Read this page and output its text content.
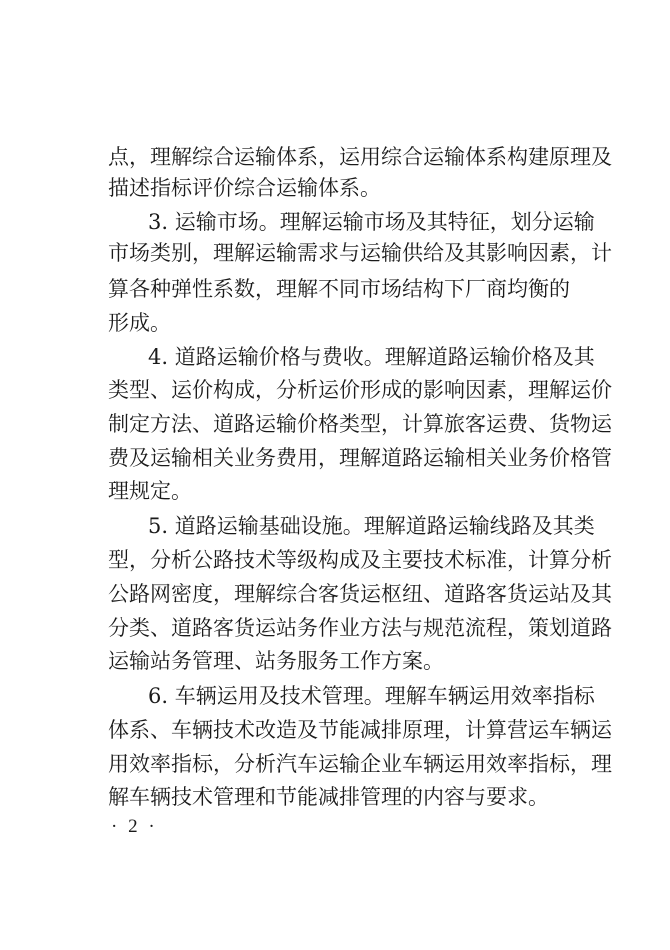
点，理解综合运输体系，运用综合运输体系构建原理及
描述指标评价综合运输体系。
3. 运输市场。理解运输市场及其特征，划分运输
市场类别，理解运输需求与运输供给及其影响因素，计
算各种弹性系数，理解不同市场结构下厂商均衡的
形成。
4. 道路运输价格与费收。理解道路运输价格及其
类型、运价构成，分析运价形成的影响因素，理解运价
制定方法、道路运输价格类型，计算旅客运费、货物运
费及运输相关业务费用，理解道路运输相关业务价格管
理规定。
5. 道路运输基础设施。理解道路运输线路及其类
型，分析公路技术等级构成及主要技术标准，计算分析
公路网密度，理解综合客货运枢纽、道路客货运站及其
分类、道路客货运站务作业方法与规范流程，策划道路
运输站务管理、站务服务工作方案。
6. 车辆运用及技术管理。理解车辆运用效率指标
体系、车辆技术改造及节能减排原理，计算营运车辆运
用效率指标，分析汽车运输企业车辆运用效率指标，理
解车辆技术管理和节能减排管理的内容与要求。
· 2 ·
